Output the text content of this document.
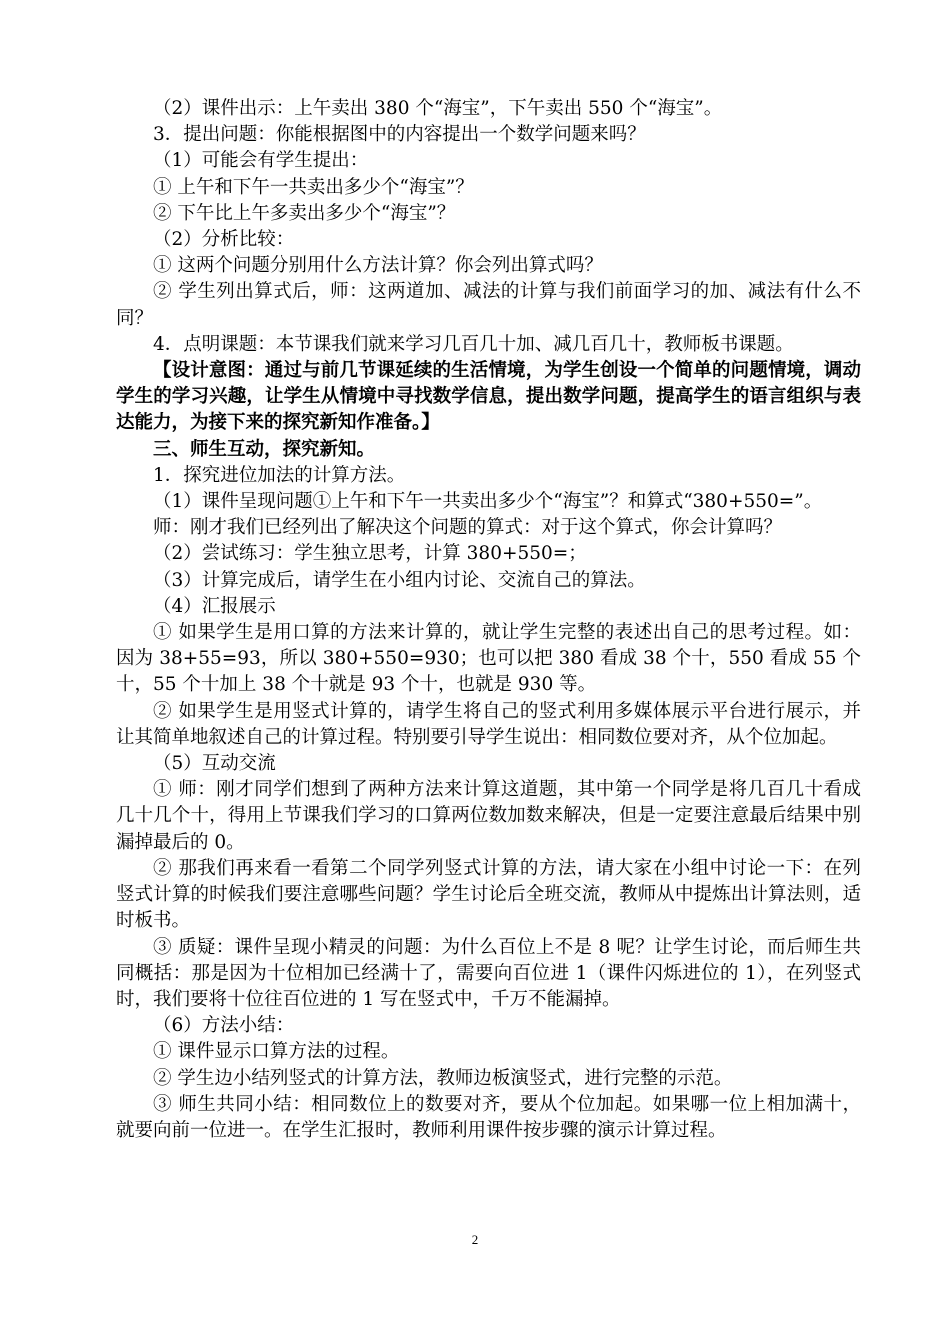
（2）课件出示：上午卖出 380 个“海宝”，下午卖出 550 个“海宝”。

3．提出问题：你能根据图中的内容提出一个数学问题来吗？

（1）可能会有学生提出：

① 上午和下午一共卖出多少个“海宝”？

② 下午比上午多卖出多少个“海宝”？

（2）分析比较：

① 这两个问题分别用什么方法计算？你会列出算式吗？

② 学生列出算式后，师：这两道加、减法的计算与我们前面学习的加、减法有什么不同？

4．点明课题：本节课我们就来学习几百几十加、减几百几十，教师板书课题。

【设计意图：通过与前几节课延续的生活情境，为学生创设一个简单的问题情境，调动学生的学习兴趣，让学生从情境中寻找数学信息，提出数学问题，提高学生的语言组织与表达能力，为接下来的探究新知作准备。】

三、师生互动，探究新知。

1．探究进位加法的计算方法。

（1）课件呈现问题①上午和下午一共卖出多少个“海宝”？和算式“380+550=”。

师：刚才我们已经列出了解决这个问题的算式：对于这个算式，你会计算吗？

（2）尝试练习：学生独立思考，计算 380+550=；

（3）计算完成后，请学生在小组内讨论、交流自己的算法。

（4）汇报展示

① 如果学生是用口算的方法来计算的，就让学生完整的表述出自己的思考过程。如：因为 38+55=93，所以 380+550=930；也可以把 380 看成 38 个十，550 看成 55 个十，55 个十加上 38 个十就是 93 个十，也就是 930 等。

② 如果学生是用竖式计算的，请学生将自己的竖式利用多媒体展示平台进行展示，并让其简单地叙述自己的计算过程。特别要引导学生说出：相同数位要对齐，从个位加起。

（5）互动交流

① 师：刚才同学们想到了两种方法来计算这道题，其中第一个同学是将几百几十看成几十几个十，得用上节课我们学习的口算两位数加数来解决，但是一定要注意最后结果中别漏掉最后的 0。

② 那我们再来看一看第二个同学列竖式计算的方法，请大家在小组中讨论一下：在列竖式计算的时候我们要注意哪些问题？学生讨论后全班交流，教师从中提炼出计算法则，适时板书。

③ 质疑：课件呈现小精灵的问题：为什么百位上不是 8 呢？让学生讨论，而后师生共同概括：那是因为十位相加已经满十了，需要向百位进 1（课件闪烁进位的 1），在列竖式时，我们要将十位往百位进的 1 写在竖式中，千万不能漏掉。

（6）方法小结：

① 课件显示口算方法的过程。

② 学生边小结列竖式的计算方法，教师边板演竖式，进行完整的示范。

③ 师生共同小结：相同数位上的数要对齐，要从个位加起。如果哪一位上相加满十，就要向前一位进一。在学生汇报时，教师利用课件按步骤的演示计算过程。

2
